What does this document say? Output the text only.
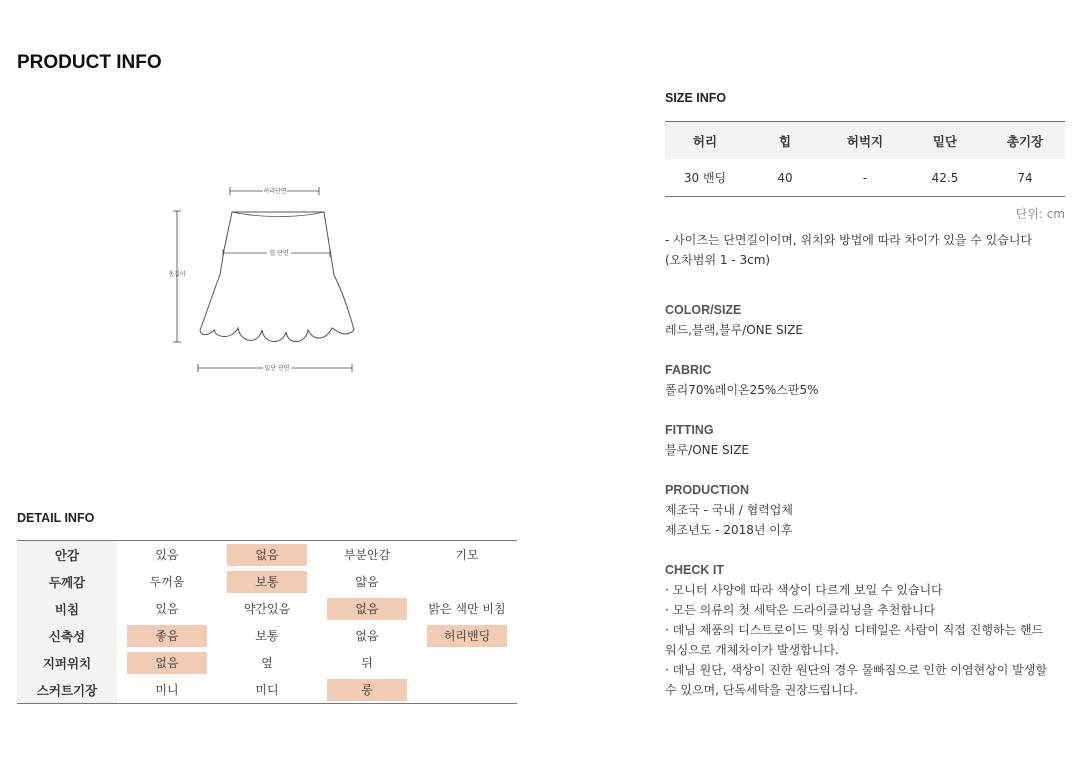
PRODUCT INFO
허리단면
총길이
힙 단면
밑단 단면
DETAIL INFO
안감	있음	없음	부분안감	기모
두께감	두꺼움	보통	얇음
비침	있음	약간있음	없음	밝은 색만 비침
신축성	좋음	보통	없음	허리밴딩
지퍼위치	없음	옆	뒤
스커트기장	미니	미디	롱
SIZE INFO
허리	힙	허벅지	밑단	총기장
30 밴딩	40	-	42.5	74
단위: cm
- 사이즈는 단면길이이며, 위치와 방법에 따라 차이가 있을 수 있습니다
(오차범위 1 - 3cm)
COLOR/SIZE
레드,블랙,블루/ONE SIZE
FABRIC
폴리70%레이온25%스판5%
FITTING
블루/ONE SIZE
PRODUCTION
제조국 - 국내 / 협력업체
제조년도 - 2018년 이후
CHECK IT
· 모니터 사양에 따라 색상이 다르게 보일 수 있습니다
· 모든 의류의 첫 세탁은 드라이클리닝을 추천합니다
· 데님 제품의 디스트로이드 및 워싱 디테일은 사람이 직접 진행하는 핸드
워싱으로 개체차이가 발생합니다.
· 데님 원단, 색상이 진한 원단의 경우 물빠짐으로 인한 이염현상이 발생할
수 있으며, 단독세탁을 권장드립니다.
